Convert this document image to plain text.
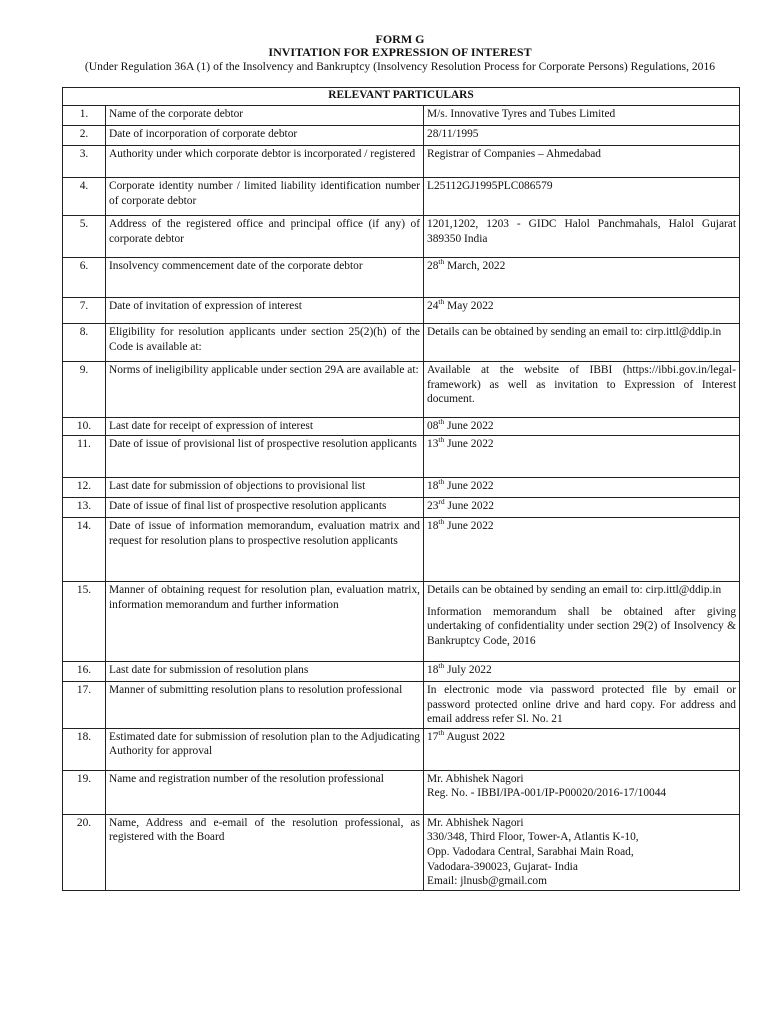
FORM G
INVITATION FOR EXPRESSION OF INTEREST
(Under Regulation 36A (1) of the Insolvency and Bankruptcy (Insolvency Resolution Process for Corporate Persons) Regulations, 2016
RELEVANT PARTICULARS		
1.	Name of the corporate debtor	M/s. Innovative Tyres and Tubes Limited

2.	Date of incorporation of corporate debtor	28/11/1995

3.	Authority under which corporate debtor is incorporated / registered	Registrar of Companies – Ahmedabad

4.	Corporate identity number / limited liability identification number of corporate debtor	L25112GJ1995PLC086579

5.	Address of the registered office and principal office (if any) of corporate debtor	1201,1202, 1203 - GIDC Halol Panchmahals, Halol Gujarat 389350 India

6.	Insolvency commencement date of the corporate debtor	28th March, 2022

7.	Date of invitation of expression of interest	24th May 2022

8.	Eligibility for resolution applicants under section 25(2)(h) of the Code is available at:	Details can be obtained by sending an email to: cirp.ittl@ddip.in

9.	Norms of ineligibility applicable under section 29A are available at:	Available at the website of IBBI (https://ibbi.gov.in/legal-framework) as well as invitation to Expression of Interest document.

10.	Last date for receipt of expression of interest	08th June 2022

11.	Date of issue of provisional list of prospective resolution applicants	13th June 2022

12.	Last date for submission of objections to provisional list	18th June 2022

13.	Date of issue of final list of prospective resolution applicants	23rd June 2022

14.	Date of issue of information memorandum, evaluation matrix and request for resolution plans to prospective resolution applicants	18th June 2022

15.	Manner of obtaining request for resolution plan, evaluation matrix, information memorandum and further information	Details can be obtained by sending an email to: cirp.ittl@ddip.in
Information memorandum shall be obtained after giving undertaking of confidentiality under section 29(2) of Insolvency & Bankruptcy Code, 2016

16.	Last date for submission of resolution plans	18th July 2022

17.	Manner of submitting resolution plans to resolution professional	In electronic mode via password protected file by email or password protected online drive and hard copy. For address and email address refer Sl. No. 21

18.	Estimated date for submission of resolution plan to the Adjudicating Authority for approval	17th August 2022

19.	Name and registration number of the resolution professional	Mr. Abhishek Nagori
Reg. No. - IBBI/IPA-001/IP-P00020/2016-17/10044

20.	Name, Address and e-email of the resolution professional, as registered with the Board	Mr. Abhishek Nagori
330/348, Third Floor, Tower-A, Atlantis K-10,
Opp. Vadodara Central, Sarabhai Main Road,
Vadodara-390023, Gujarat- India
Email: jlnusb@gmail.com
